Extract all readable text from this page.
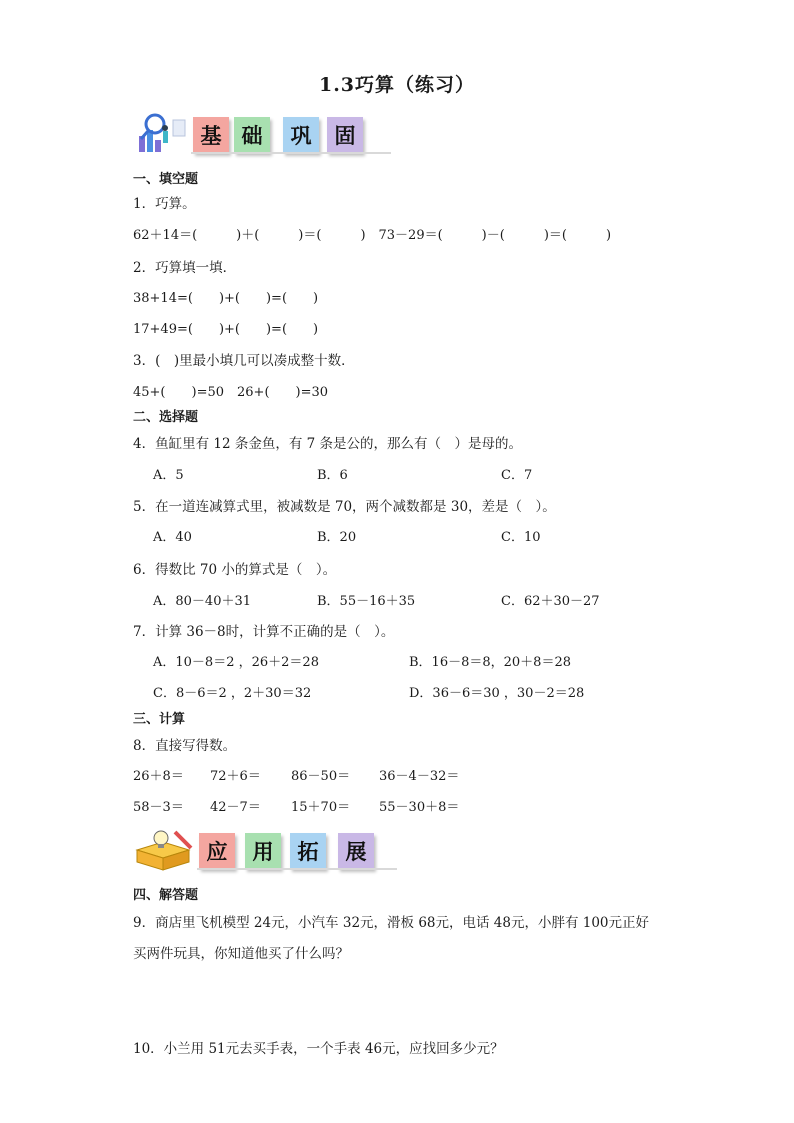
1.3巧算（练习）
基 础	巩	固
一、填空题
1．巧算。
62＋14＝(　　　)＋(　　　)＝(　　　)　73－29＝(　　　)－(　　　)＝(　　　)
2．巧算填一填．
38+14=(　　)+(　　)=(　　)
17+49=(　　)+(　　)=(　　)
3．(　)里最小填几可以凑成整十数．
45+(　　)=50　26+(　　)=30
二、选择题
4．鱼缸里有 12 条金鱼，有 7 条是公的，那么有（　）是母的。
A．5	B．6	C．7
5．在一道连减算式里，被减数是 70，两个减数都是 30，差是（　）。
A．40	B．20	C．10
6．得数比 70 小的算式是（　）。
A．80－40＋31	B．55－16＋35	C．62＋30－27
7．计算 36－8时，计算不正确的是（　）。
A．10－8＝2 ，26＋2＝28	B．16－8＝8，20＋8＝28
C．8－6＝2 ，2＋30＝32	D．36－6＝30 ，30－2＝28
三、计算
8．直接写得数。
26＋8＝ 72＋6＝ 86－50＝ 36－4－32＝
58－3＝ 42－7＝ 15＋70＝ 55－30＋8＝
应	用	拓	展
四、解答题
9．商店里飞机模型 24元，小汽车 32元，滑板 68元，电话 48元，小胖有 100元正好
买两件玩具，你知道他买了什么吗？
10．小兰用 51元去买手表，一个手表 46元，应找回多少元？
